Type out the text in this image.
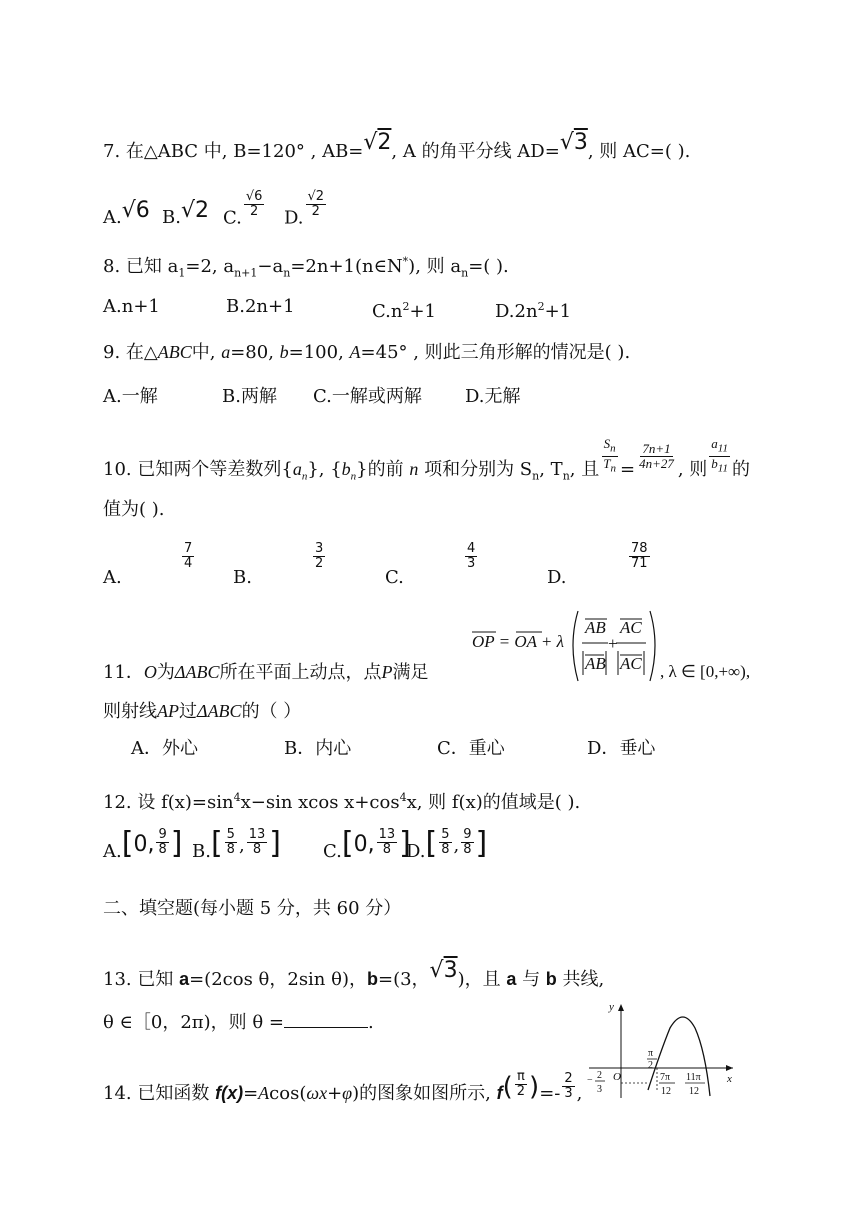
7. 在△ABC 中, B=120° , AB=√2, A 的角平分线 AD=√3, 则 AC=( ).
A.√6 B.√2 C. $\frac{√6}{2} D$. $\frac{√2}{2}$
8. 已知 $a_1=2$, $a_{n+1}-a_n=2n+1(n\in N^*)$, 则 $a_n=$( ).
A.n+1	B.2n+1	$C.n^2+1$	$D.2n^2+1$
9. 在△ABC中, a=80, b=100, A=45° , 则此三角形解的情况是( ).
A.一解	B.两解 C.一解或两解 D.无解
10. 已知两个等差数列$\{a_n\}$, $\{b_n\}$的前 n 项和分别为 $S_n$, $T_n$, 且 $\frac{S_n}{T_n} = \frac{7n+1}{4n+27}$ , 则 $\frac{a_{11}}{b_{11}}$ 的
值为( ).
A.
$\frac{7}{4}$
B.
$\frac{3}{2}$
C.
$\frac{4}{3}$
D.
$\frac{78}{71}$
11．O为ΔABC所在平面上动点，点P满足
OP = OA + λ
AB AC
+
AB AC , λ ∈ [0,+∞),
则射线AP过ΔABC的（ ）
A．外心	B．内心	C．重心	D．垂心
12. 设 $f(x)=\sin^4x-\sin$ xcos $x+\cos^4x$, 则 f(x)的值域是( ).
A.[0, $\frac{9}{8}$ ] $B.[ \frac{5}{8}$ , $\frac{13}{8}$ ] C.[0, $\frac{13}{8}$ ]
$D.[ \frac{5}{8}$ , $\frac{9}{8}$ ]
二、填空题(每小题 5 分，共 60 分）
13. 已知 a=(2cos θ，2sin θ)，b=(3，√3)，且 a 与 b 共线,
θ ∈［0，2π)，则 θ =	.
14. 已知函数 f(x)=Acos(ωx+φ)的图象如图所示, $f( \frac{\pi}{2}$ )=- $\frac{2}{3}$ ,
y
x
O
π
2
7π
12
11π
12
− 2
3
